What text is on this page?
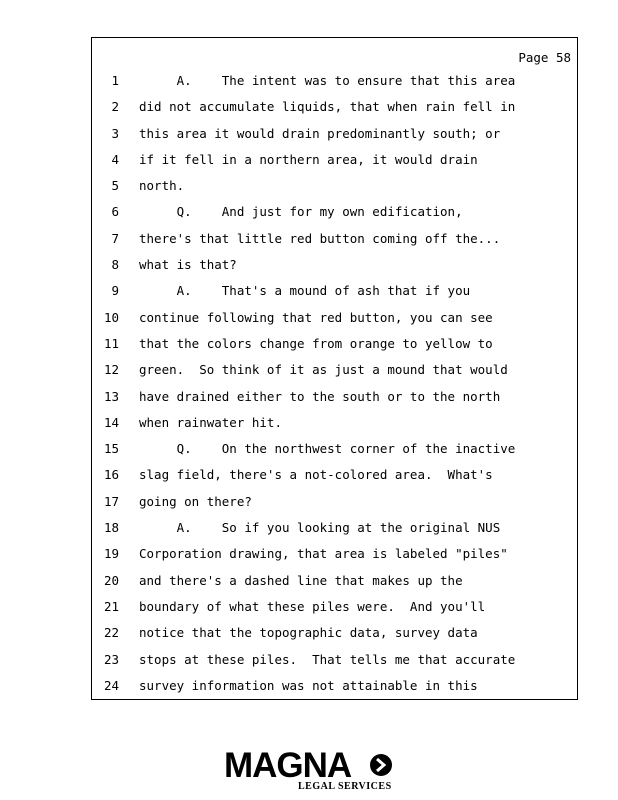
Page 58
1 A.    The intent was to ensure that this area
2 did not accumulate liquids, that when rain fell in
3 this area it would drain predominantly south; or
4 if it fell in a northern area, it would drain
5 north.
6 Q.    And just for my own edification,
7 there's that little red button coming off the...
8 what is that?
9 A.    That's a mound of ash that if you
10 continue following that red button, you can see
11 that the colors change from orange to yellow to
12 green.  So think of it as just a mound that would
13 have drained either to the south or to the north
14 when rainwater hit.
15 Q.    On the northwest corner of the inactive
16 slag field, there's a not-colored area.  What's
17 going on there?
18 A.    So if you looking at the original NUS
19 Corporation drawing, that area is labeled "piles"
20 and there's a dashed line that makes up the
21 boundary of what these piles were.  And you'll
22 notice that the topographic data, survey data
23 stops at these piles.  That tells me that accurate
24 survey information was not attainable in this
MAGNA
LEGAL SERVICES
